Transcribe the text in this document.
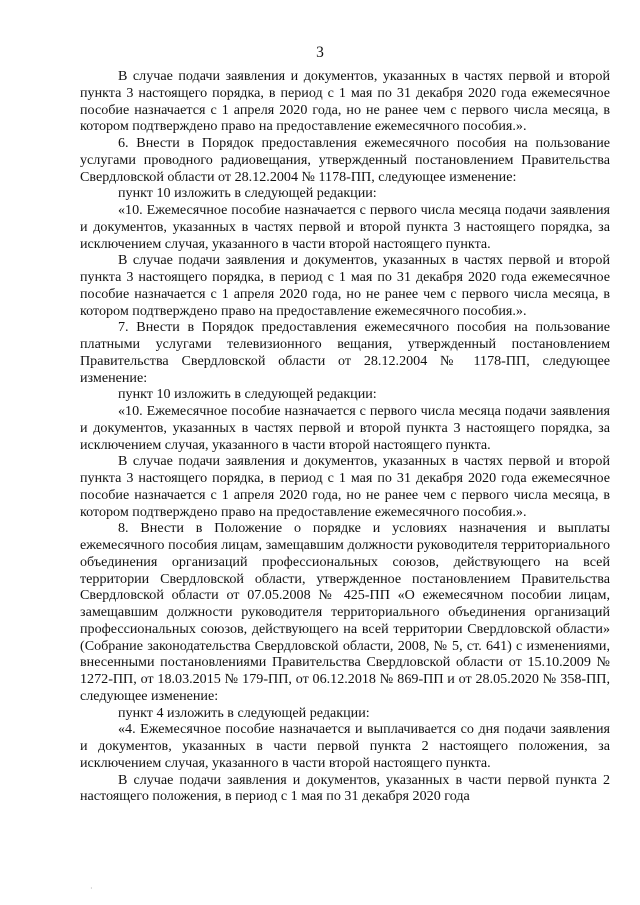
3

В случае подачи заявления и документов, указанных в частях первой и второй пункта 3 настоящего порядка, в период с 1 мая по 31 декабря 2020 года ежемесячное пособие назначается с 1 апреля 2020 года, но не ранее чем с первого числа месяца, в котором подтверждено право на предоставление ежемесячного пособия.».

6. Внести в Порядок предоставления ежемесячного пособия на пользование услугами проводного радиовещания, утвержденный постановлением Правительства Свердловской области от 28.12.2004 № 1178-ПП, следующее изменение:

пункт 10 изложить в следующей редакции:

«10. Ежемесячное пособие назначается с первого числа месяца подачи заявления и документов, указанных в частях первой и второй пункта 3 настоящего порядка, за исключением случая, указанного в части второй настоящего пункта.

В случае подачи заявления и документов, указанных в частях первой и второй пункта 3 настоящего порядка, в период с 1 мая по 31 декабря 2020 года ежемесячное пособие назначается с 1 апреля 2020 года, но не ранее чем с первого числа месяца, в котором подтверждено право на предоставление ежемесячного пособия.».

7. Внести в Порядок предоставления ежемесячного пособия на пользование платными услугами телевизионного вещания, утвержденный постановлением Правительства Свердловской области от 28.12.2004 № 1178-ПП, следующее изменение:

пункт 10 изложить в следующей редакции:

«10. Ежемесячное пособие назначается с первого числа месяца подачи заявления и документов, указанных в частях первой и второй пункта 3 настоящего порядка, за исключением случая, указанного в части второй настоящего пункта.

В случае подачи заявления и документов, указанных в частях первой и второй пункта 3 настоящего порядка, в период с 1 мая по 31 декабря 2020 года ежемесячное пособие назначается с 1 апреля 2020 года, но не ранее чем с первого числа месяца, в котором подтверждено право на предоставление ежемесячного пособия.».

8. Внести в Положение о порядке и условиях назначения и выплаты ежемесячного пособия лицам, замещавшим должности руководителя территориального объединения организаций профессиональных союзов, действующего на всей территории Свердловской области, утвержденное постановлением Правительства Свердловской области от 07.05.2008 № 425-ПП «О ежемесячном пособии лицам, замещавшим должности руководителя территориального объединения организаций профессиональных союзов, действующего на всей территории Свердловской области» (Собрание законодательства Свердловской области, 2008, № 5, ст. 641) с изменениями, внесенными постановлениями Правительства Свердловской области от 15.10.2009 № 1272-ПП, от 18.03.2015 № 179-ПП, от 06.12.2018 № 869-ПП и от 28.05.2020 № 358-ПП, следующее изменение:

пункт 4 изложить в следующей редакции:

«4. Ежемесячное пособие назначается и выплачивается со дня подачи заявления и документов, указанных в части первой пункта 2 настоящего положения, за исключением случая, указанного в части второй настоящего пункта.

В случае подачи заявления и документов, указанных в части первой пункта 2 настоящего положения, в период с 1 мая по 31 декабря 2020 года

·
